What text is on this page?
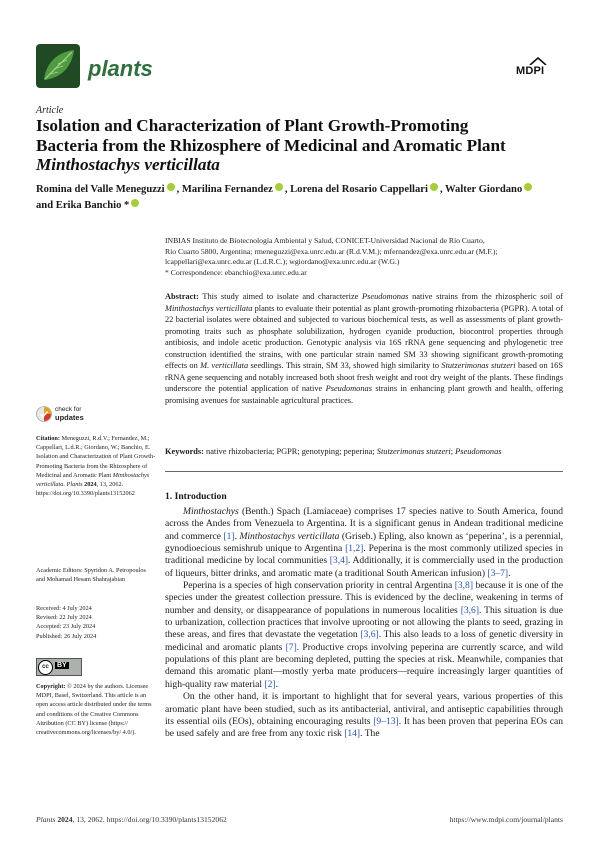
plants	MDPI
Article
Isolation and Characterization of Plant Growth-Promoting
Bacteria from the Rhizosphere of Medicinal and Aromatic Plant
Minthostachys verticillata
Romina del Valle Meneguzzi , Marilina Fernandez , Lorena del Rosario Cappellari , Walter Giordano
and Erika Banchio *
INBIAS Instituto de Biotecnología Ambiental y Salud, CONICET-Universidad Nacional de Río Cuarto,
Río Cuarto 5800, Argentina; rmeneguzzi@exa.unrc.edu.ar (R.d.V.M.); mfernandez@exa.unrc.edu.ar (M.F.);
lcappellari@exa.unrc.edu.ar (L.d.R.C.); wgiordano@exa.unrc.edu.ar (W.G.)
* Correspondence: ebanchio@exa.unrc.edu.ar
Abstract: This study aimed to isolate and characterize Pseudomonas native strains from the rhizospheric soil of Minthostachys verticillata plants to evaluate their potential as plant growth-promoting rhizobacteria (PGPR). A total of 22 bacterial isolates were obtained and subjected to various biochemical tests, as well as assessments of plant growth-promoting traits such as phosphate solubilization, hydrogen cyanide production, biocontrol properties through antibiosis, and indole acetic production. Genotypic analysis via 16S rRNA gene sequencing and phylogenetic tree construction identified the strains, with one particular strain named SM 33 showing significant growth-promoting effects on M. verticillata seedlings. This strain, SM 33, showed high similarity to Stutzerimonas stutzeri based on 16S rRNA gene sequencing and notably increased both shoot fresh weight and root dry weight of the plants. These findings underscore the potential application of native Pseudomonas strains in enhancing plant growth and health, offering promising avenues for sustainable agricultural practices.
Keywords: native rhizobacteria; PGPR; genotyping; peperina; Stutzerimonas stutzeri; Pseudomonas
check for
updates
Citation: Meneguzzi, R.d.V.; Fernandez, M.; Cappellari, L.d.R.; Giordano, W.; Banchio, E. Isolation and Characterization of Plant Growth-Promoting Bacteria from the Rhizosphere of Medicinal and Aromatic Plant Minthostachys verticillata. Plants 2024, 13, 2062. https://doi.org/10.3390/plants13152062
Academic Editors: Spyridon A. Petropoulos and Mohamad Hesam Shahrajabian
Received: 4 July 2024
Revised: 22 July 2024
Accepted: 23 July 2024
Published: 26 July 2024
cc	BY
Copyright: © 2024 by the authors. Licensee MDPI, Basel, Switzerland. This article is an open access article distributed under the terms and conditions of the Creative Commons Attribution (CC BY) license (https:// creativecommons.org/licenses/by/ 4.0/).
1. Introduction

Minthostachys (Benth.) Spach (Lamiaceae) comprises 17 species native to South America, found across the Andes from Venezuela to Argentina. It is a significant genus in Andean traditional medicine and commerce [1]. Minthostachys verticillata (Griseb.) Epling, also known as ‘peperina’, is a perennial, gynodioecious semishrub unique to Argentina [1,2]. Peperina is the most commonly utilized species in traditional medicine by local communities [3,4]. Additionally, it is commercially used in the production of liqueurs, bitter drinks, and aromatic mate (a traditional South American infusion) [3–7].

Peperina is a species of high conservation priority in central Argentina [3,8] because it is one of the species under the greatest collection pressure. This is evidenced by the decline, weakening in terms of number and density, or disappearance of populations in numerous localities [3,6]. This situation is due to urbanization, collection practices that involve uprooting or not allowing the plants to seed, grazing in these areas, and fires that devastate the vegetation [3,6]. This also leads to a loss of genetic diversity in medicinal and aromatic plants [7]. Productive crops involving peperina are currently scarce, and wild populations of this plant are becoming depleted, putting the species at risk. Meanwhile, companies that demand this aromatic plant—mostly yerba mate producers—require increasingly larger quantities of high-quality raw material [2].

On the other hand, it is important to highlight that for several years, various properties of this aromatic plant have been studied, such as its antibacterial, antiviral, and antiseptic capabilities through its essential oils (EOs), obtaining encouraging results [9–13]. It has been proven that peperina EOs can be used safely and are free from any toxic risk [14]. The

Plants 2024, 13, 2062. https://doi.org/10.3390/plants13152062	https://www.mdpi.com/journal/plants
